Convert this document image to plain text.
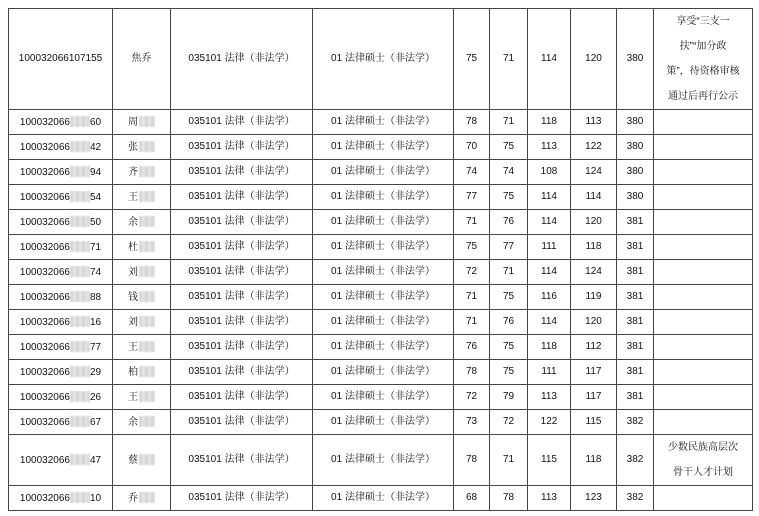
100032066107155	焦乔	035101 法律（非法学）	01 法律硕士（非法学）	75	71	114	120	380	享受“三支一
扶”“加分政
策”，待资格审核
通过后再行公示

100032066 60	周	035101 法律（非法学）	01 法律硕士（非法学）	78	71	118	113	380	
100032066 42	张	035101 法律（非法学）	01 法律硕士（非法学）	70	75	113	122	380	
100032066 94	齐	035101 法律（非法学）	01 法律硕士（非法学）	74	74	108	124	380	
100032066 54	王	035101 法律（非法学）	01 法律硕士（非法学）	77	75	114	114	380	
100032066 50	余	035101 法律（非法学）	01 法律硕士（非法学）	71	76	114	120	381	
100032066 71	杜	035101 法律（非法学）	01 法律硕士（非法学）	75	77	111	118	381	
100032066 74	刘	035101 法律（非法学）	01 法律硕士（非法学）	72	71	114	124	381	
100032066 88	钱	035101 法律（非法学）	01 法律硕士（非法学）	71	75	116	119	381	
100032066 16	刘	035101 法律（非法学）	01 法律硕士（非法学）	71	76	114	120	381	
100032066 77	王	035101 法律（非法学）	01 法律硕士（非法学）	76	75	118	112	381	
100032066 29	柏	035101 法律（非法学）	01 法律硕士（非法学）	78	75	111	117	381	
100032066 26	王	035101 法律（非法学）	01 法律硕士（非法学）	72	79	113	117	381	
100032066 67	余	035101 法律（非法学）	01 法律硕士（非法学）	73	72	122	115	382	
100032066 47	蔡	035101 法律（非法学）	01 法律硕士（非法学）	78	71	115	118	382	少数民族高层次
骨干人才计划

100032066 10	乔	035101 法律（非法学）	01 法律硕士（非法学）	68	78	113	123	382	
